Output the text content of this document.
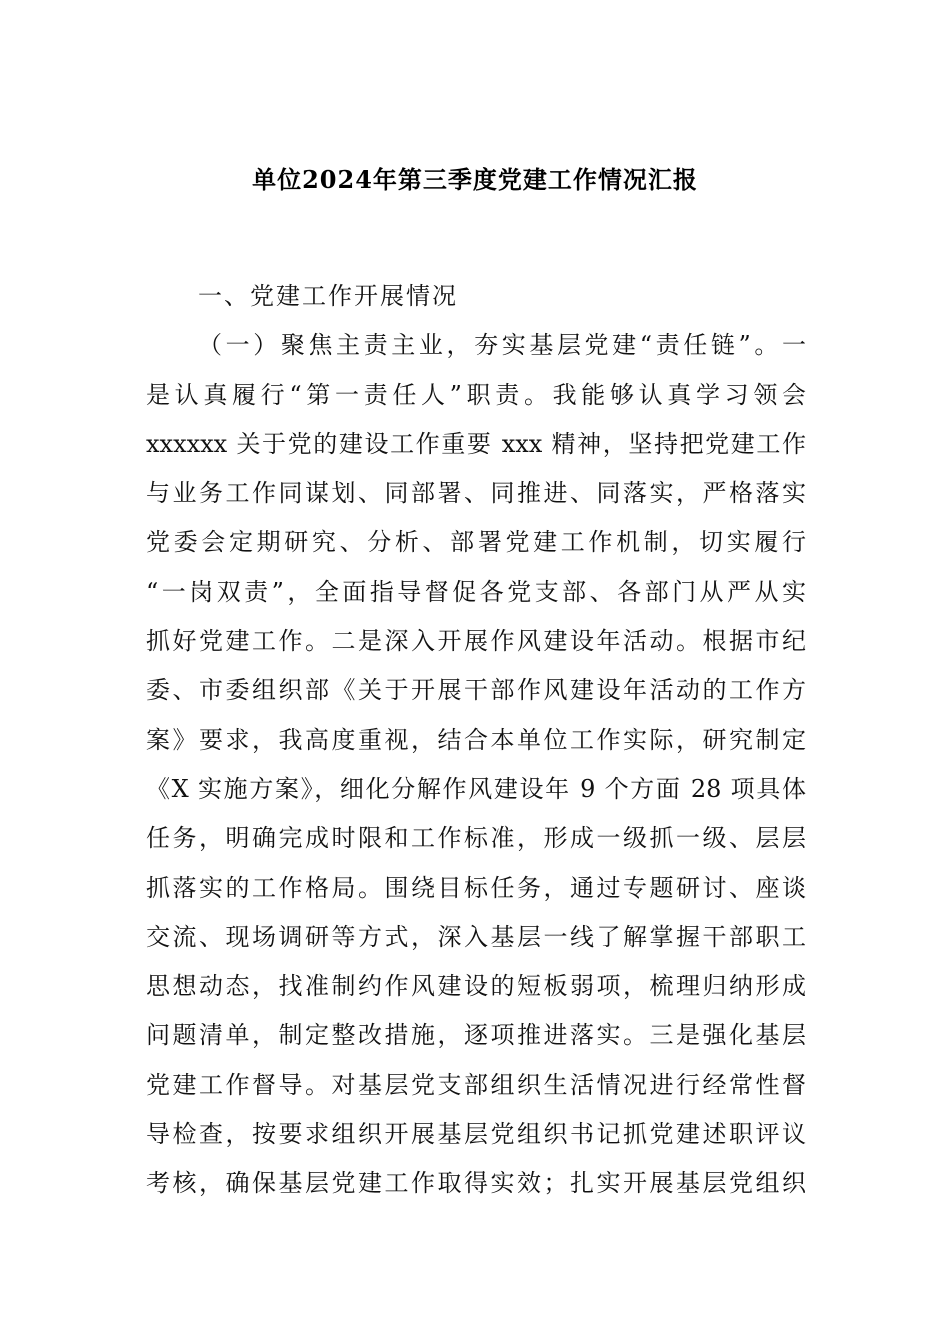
单位2024年第三季度党建工作情况汇报
一、党建工作开展情况
（一）聚焦主责主业，夯实基层党建“责任链”。一
是认真履行“第一责任人”职责。我能够认真学习领会
xxxxxx 关于党的建设工作重要 xxx 精神，坚持把党建工作
与业务工作同谋划、同部署、同推进、同落实，严格落实
党委会定期研究、分析、部署党建工作机制，切实履行
“一岗双责”，全面指导督促各党支部、各部门从严从实
抓好党建工作。二是深入开展作风建设年活动。根据市纪
委、市委组织部《关于开展干部作风建设年活动的工作方
案》要求，我高度重视，结合本单位工作实际，研究制定
《X 实施方案》，细化分解作风建设年 9 个方面 28 项具体
任务，明确完成时限和工作标准，形成一级抓一级、层层
抓落实的工作格局。围绕目标任务，通过专题研讨、座谈
交流、现场调研等方式，深入基层一线了解掌握干部职工
思想动态，找准制约作风建设的短板弱项，梳理归纳形成
问题清单，制定整改措施，逐项推进落实。三是强化基层
党建工作督导。对基层党支部组织生活情况进行经常性督
导检查，按要求组织开展基层党组织书记抓党建述职评议
考核，确保基层党建工作取得实效；扎实开展基层党组织
